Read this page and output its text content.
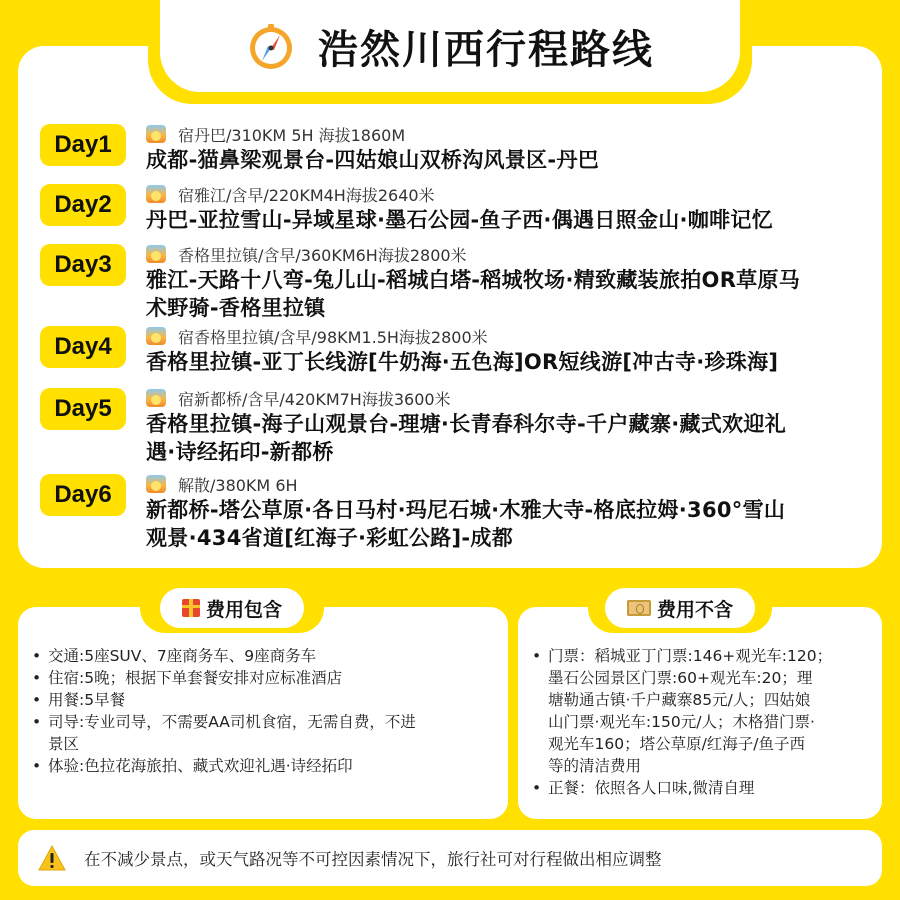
浩然川西行程路线
Day1	宿丹巴/310KM 5H 海拔1860M
成都-猫鼻梁观景台-四姑娘山双桥沟风景区-丹巴
Day2	宿雅江/含早/220KM4H海拔2640米
丹巴-亚拉雪山-异域星球·墨石公园-鱼子西·偶遇日照金山·咖啡记忆
Day3	香格里拉镇/含早/360KM6H海拔2800米
雅江-天路十八弯-兔儿山-稻城白塔-稻城牧场·精致藏装旅拍OR草原马
术野骑-香格里拉镇
Day4	宿香格里拉镇/含早/98KM1.5H海拔2800米
香格里拉镇-亚丁长线游[牛奶海·五色海]OR短线游[冲古寺·珍珠海]
Day5	宿新都桥/含早/420KM7H海拔3600米
香格里拉镇-海子山观景台-理塘·长青春科尔寺-千户藏寨·藏式欢迎礼
遇·诗经拓印-新都桥
Day6	解散/380KM 6H
新都桥-塔公草原·各日马村·玛尼石城·木雅大寺-格底拉姆·360°雪山
观景·434省道[红海子·彩虹公路]-成都
费用包含
• 交通:5座SUV、7座商务车、9座商务车
• 住宿:5晚；根据下单套餐安排对应标准酒店
• 用餐:5早餐
• 司导:专业司导，不需要AA司机食宿，无需自费，不进
景区
• 体验:色拉花海旅拍、藏式欢迎礼遇·诗经拓印
费用不含
• 门票：稻城亚丁门票:146+观光车:120；
墨石公园景区门票:60+观光车:20；理
塘勒通古镇·千户藏寨85元/人；四姑娘
山门票·观光车:150元/人；木格猎门票·
观光车160；塔公草原/红海子/鱼子西
等的清洁费用
• 正餐：依照各人口味,微清自理
在不减少景点，或天气路况等不可控因素情况下，旅行社可对行程做出相应调整
